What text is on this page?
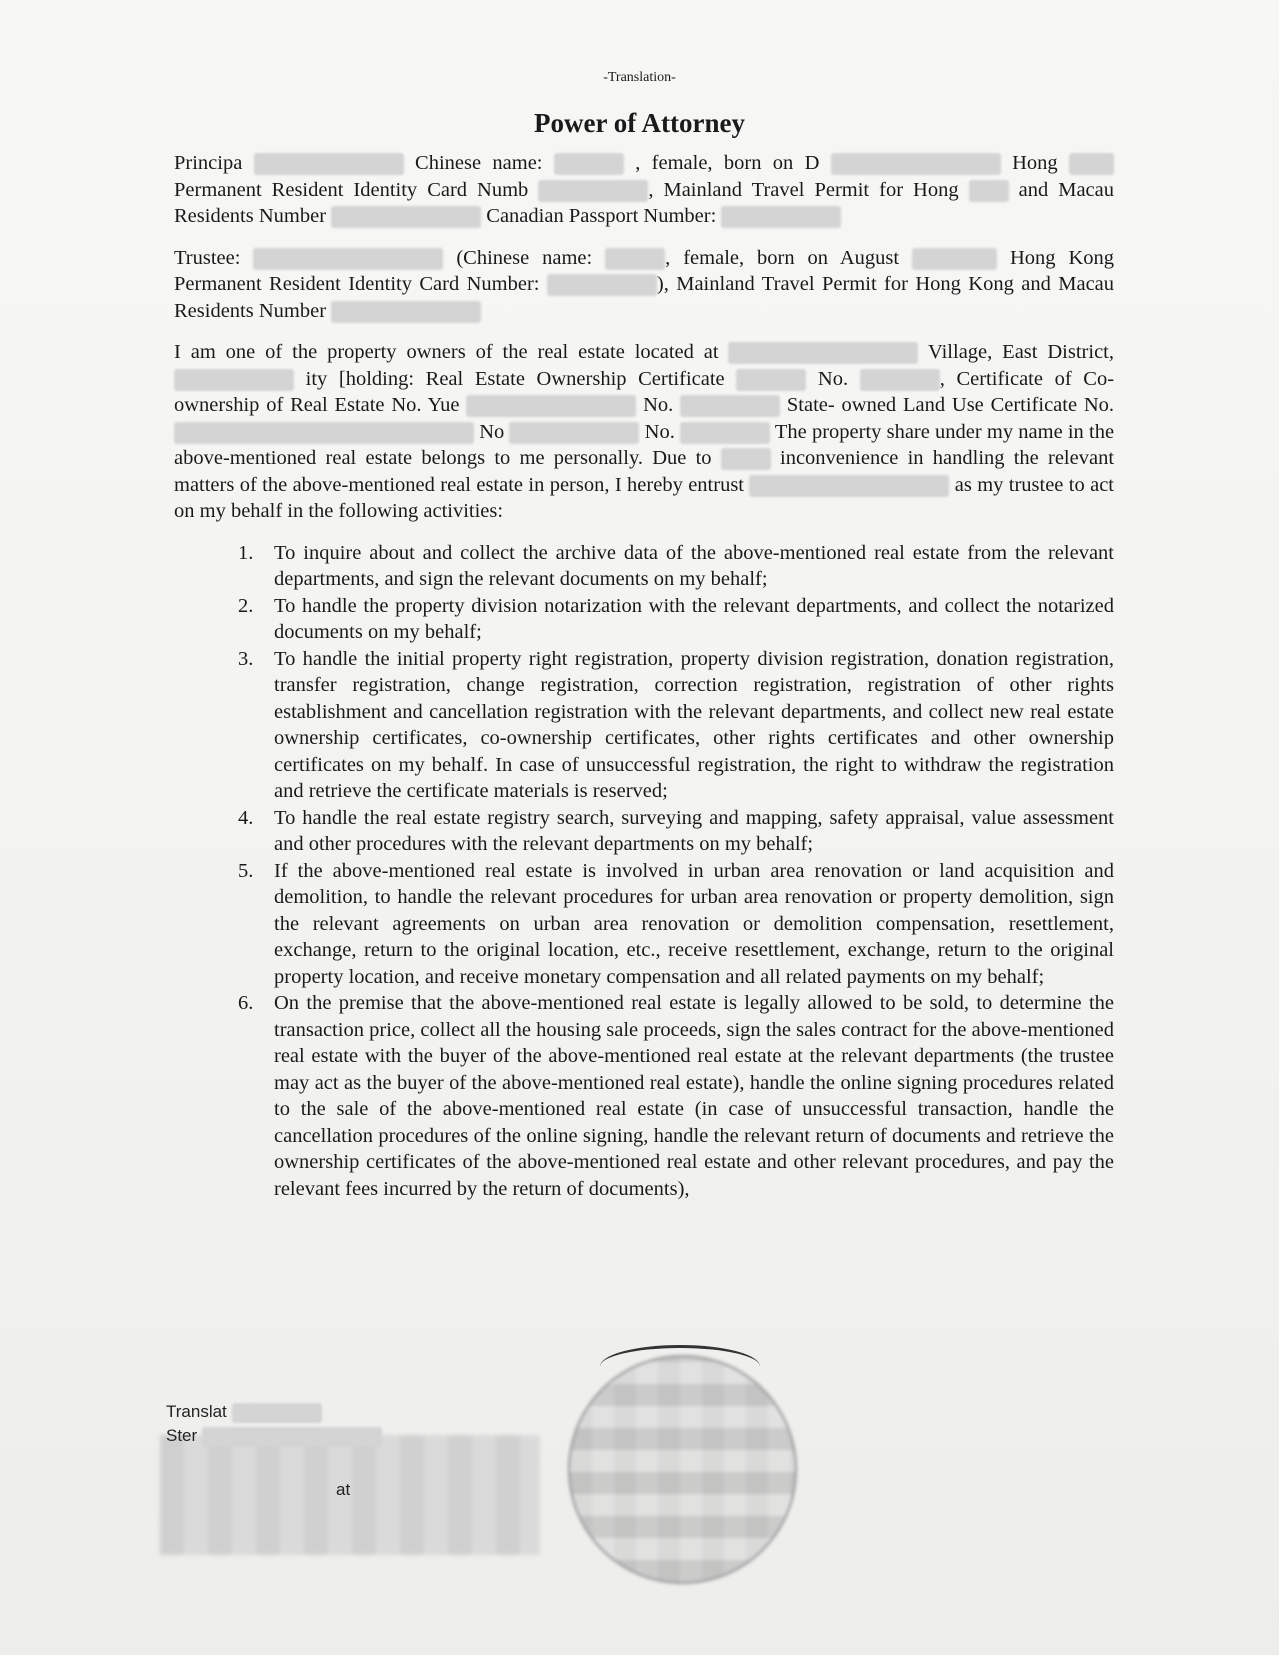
-Translation-
Power of Attorney

Principa	Chinese name:	, female, born on D	Hong  Permanent Resident Identity Card Numb	, Mainland Travel Permit for Hong	and Macau Residents Number	Canadian Passport Number:

Trustee:	(Chinese name:	, female, born on August	Hong Kong Permanent Resident Identity Card Number:	), Mainland Travel Permit for Hong Kong and Macau Residents Number

I am one of the property owners of the real estate located at	Village, East District,  ity [holding: Real Estate Ownership Certificate	No.	, Certificate of Co-ownership of Real Estate No. Yue	No.	State- owned Land Use Certificate No.  No	No.	The property share under my name in the above-mentioned real estate belongs to me personally. Due to	inconvenience in handling the relevant matters of the above-mentioned real estate in person, I hereby entrust	as my trustee to act on my behalf in the following activities:

To inquire about and collect the archive data of the above-mentioned real estate from the relevant departments, and sign the relevant documents on my behalf;
To handle the property division notarization with the relevant departments, and collect the notarized documents on my behalf;
To handle the initial property right registration, property division registration, donation registration, transfer registration, change registration, correction registration, registration of other rights establishment and cancellation registration with the relevant departments, and collect new real estate ownership certificates, co-ownership certificates, other rights certificates and other ownership certificates on my behalf. In case of unsuccessful registration, the right to withdraw the registration and retrieve the certificate materials is reserved;
To handle the real estate registry search, surveying and mapping, safety appraisal, value assessment and other procedures with the relevant departments on my behalf;
If the above-mentioned real estate is involved in urban area renovation or land acquisition and demolition, to handle the relevant procedures for urban area renovation or property demolition, sign the relevant agreements on urban area renovation or demolition compensation, resettlement, exchange, return to the original location, etc., receive resettlement, exchange, return to the original property location, and receive monetary compensation and all related payments on my behalf;
On the premise that the above-mentioned real estate is legally allowed to be sold, to determine the transaction price, collect all the housing sale proceeds, sign the sales contract for the above-mentioned real estate with the buyer of the above-mentioned real estate at the relevant departments (the trustee may act as the buyer of the above-mentioned real estate), handle the online signing procedures related to the sale of the above-mentioned real estate (in case of unsuccessful transaction, handle the cancellation procedures of the online signing, handle the relevant return of documents and retrieve the ownership certificates of the above-mentioned real estate and other relevant procedures, and pay the relevant fees incurred by the return of documents),
Translat
Ster
at
